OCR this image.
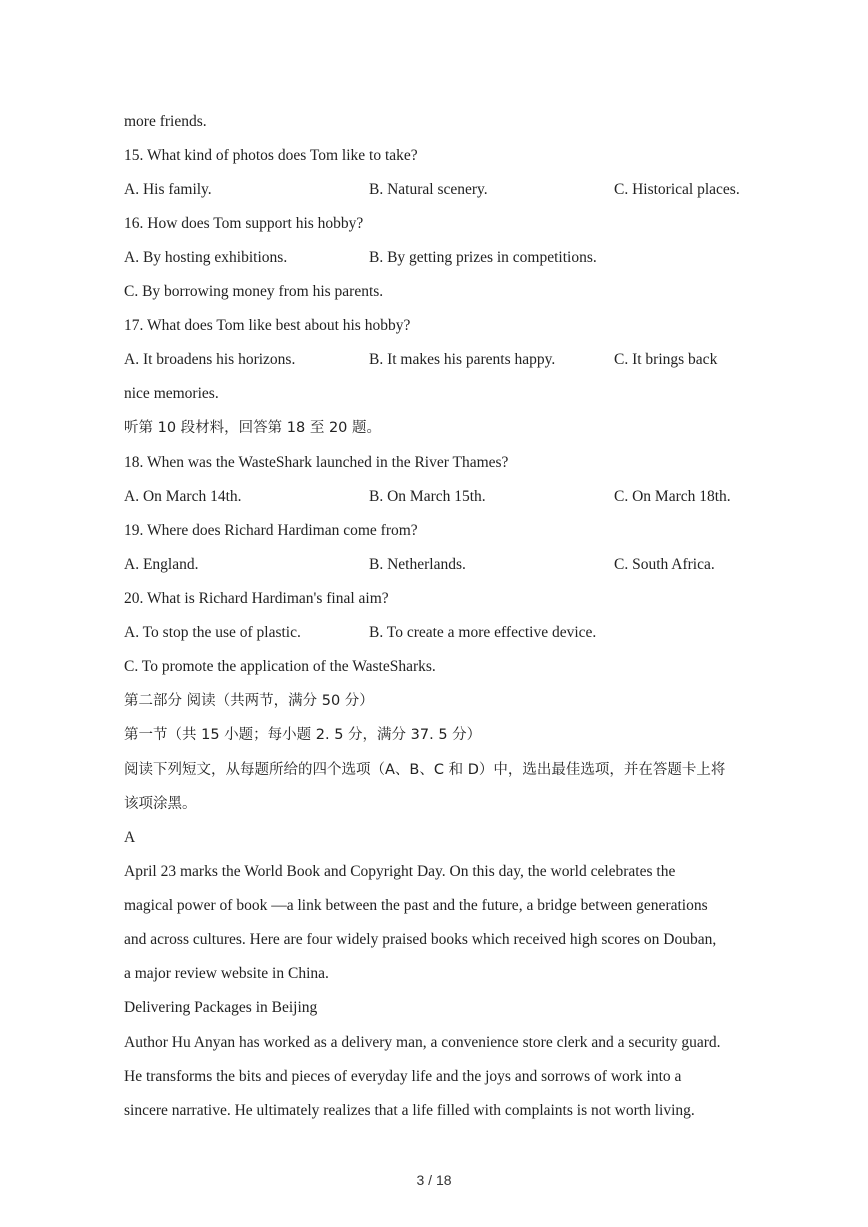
more friends.
15. What kind of photos does Tom like to take?
A. His family.	B. Natural scenery.	C. Historical places.
16. How does Tom support his hobby?
A. By hosting exhibitions.	B. By getting prizes in competitions.
C. By borrowing money from his parents.
17. What does Tom like best about his hobby?
A. It broadens his horizons.	B. It makes his parents happy.	C. It brings back
nice memories.
听第 10 段材料，回答第 18 至 20 题。
18. When was the WasteShark launched in the River Thames?
A. On March 14th.	B. On March 15th.	C. On March 18th.
19. Where does Richard Hardiman come from?
A. England.	B. Netherlands.	C. South Africa.
20. What is Richard Hardiman's final aim?
A. To stop the use of plastic.	B. To create a more effective device.
C. To promote the application of the WasteSharks.
第二部分 阅读（共两节，满分 50 分）
第一节（共 15 小题；每小题 2. 5 分，满分 37. 5 分）
阅读下列短文，从每题所给的四个选项（A、B、C 和 D）中，选出最佳选项，并在答题卡上将
该项涂黑。
A
April 23 marks the World Book and Copyright Day. On this day, the world celebrates the
magical power of book —a link between the past and the future, a bridge between generations
and across cultures. Here are four widely praised books which received high scores on Douban,
a major review website in China.
Delivering Packages in Beijing
Author Hu Anyan has worked as a delivery man, a convenience store clerk and a security guard.
He transforms the bits and pieces of everyday life and the joys and sorrows of work into a
sincere narrative. He ultimately realizes that a life filled with complaints is not worth living.
3 / 18
